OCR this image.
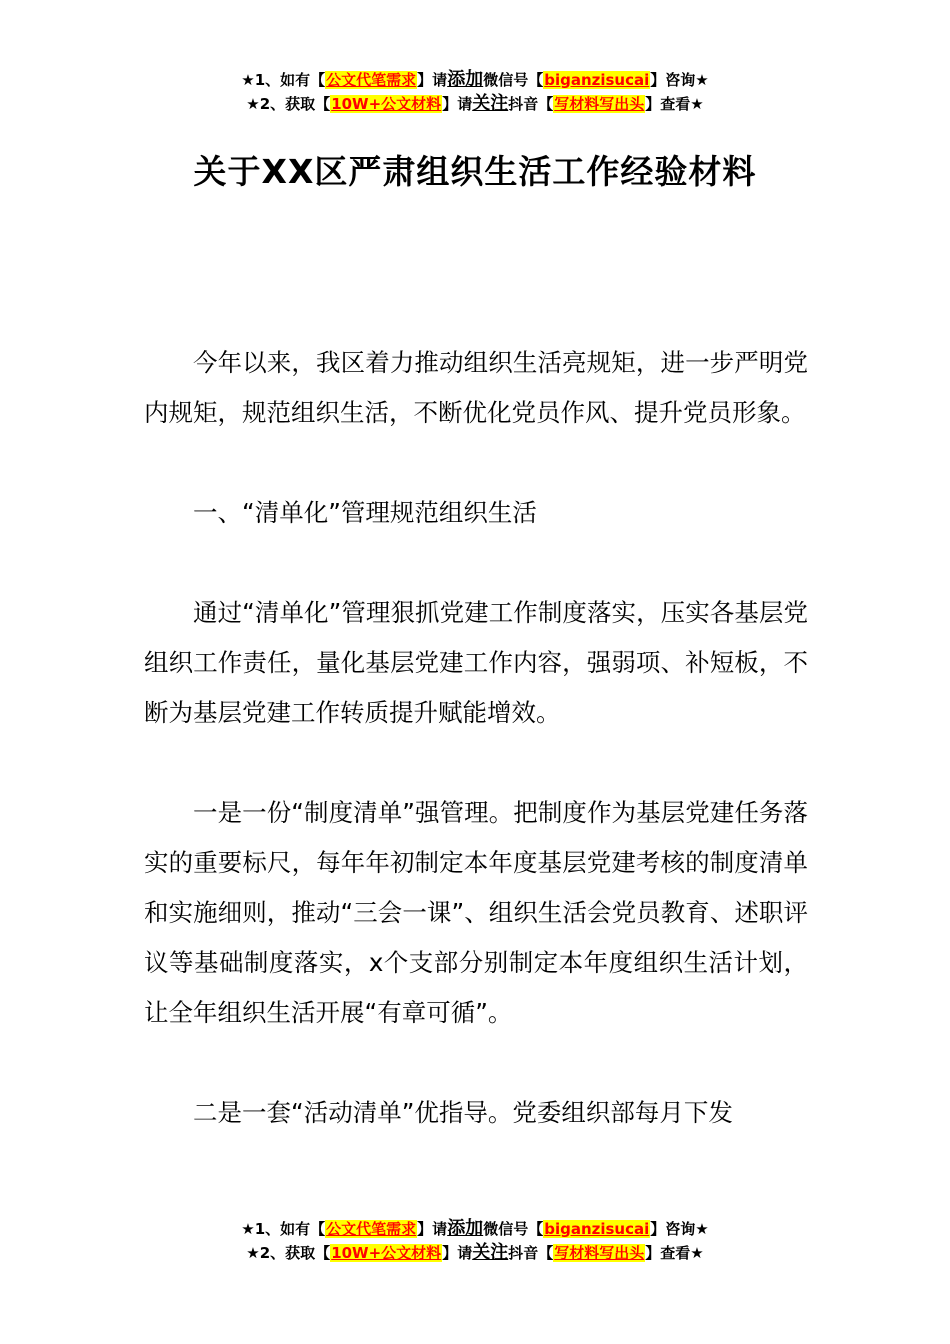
★1、如有【公文代笔需求】请添加微信号【biganzisucai】咨询★
★2、获取【10W+公文材料】请关注抖音【写材料写出头】查看★
关于XX区严肃组织生活工作经验材料

今年以来，我区着力推动组织生活亮规矩，进一步严明党内规矩，规范组织生活，不断优化党员作风、提升党员形象。

一、“清单化”管理规范组织生活

通过“清单化”管理狠抓党建工作制度落实，压实各基层党组织工作责任，量化基层党建工作内容，强弱项、补短板，不断为基层党建工作转质提升赋能增效。

一是一份“制度清单”强管理。把制度作为基层党建任务落实的重要标尺，每年年初制定本年度基层党建考核的制度清单和实施细则，推动“三会一课”、组织生活会党员教育、述职评议等基础制度落实，x个支部分别制定本年度组织生活计划，让全年组织生活开展“有章可循”。

二是一套“活动清单”优指导。党委组织部每月下发

★1、如有【公文代笔需求】请添加微信号【biganzisucai】咨询★
★2、获取【10W+公文材料】请关注抖音【写材料写出头】查看★
